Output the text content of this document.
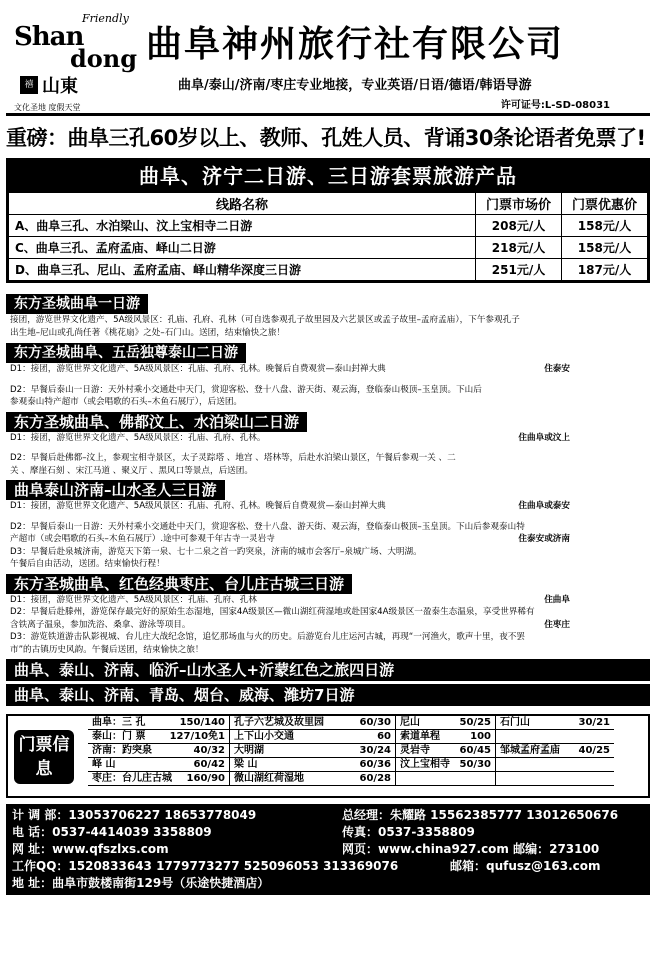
Friendly
Shan
dong
禧 山東
文化圣地 度假天堂
曲阜神州旅行社有限公司
曲阜/泰山/济南/枣庄专业地接，专业英语/日语/德语/韩语导游
许可证号:L-SD-08031
重磅：曲阜三孔60岁以上、教师、孔姓人员、背诵30条论语者免票了!
曲阜、济宁二日游、三日游套票旅游产品
线路名称	门票市场价	门票优惠价
A、曲阜三孔、水泊梁山、汶上宝相寺二日游	208元/人	158元/人
C、曲阜三孔、孟府孟庙、峄山二日游	218元/人	158元/人
D、曲阜三孔、尼山、孟府孟庙、峄山精华深度三日游	251元/人	187元/人
东方圣城曲阜一日游
接团，游览世界文化遗产、5A级风景区：孔庙、孔府、孔林（可自选参观孔子故里园及六艺景区或孟子故里–孟府孟庙），下午参观孔子
出生地–尼山或孔尚任著《桃花扇》之处–石门山。送团，结束愉快之旅！
东方圣城曲阜、五岳独尊泰山二日游
D1：接团，游览世界文化遗产、5A级风景区：孔庙、孔府、孔林。晚餐后自费观赏—泰山封禅大典	住泰安
D2：早餐后泰山一日游：天外村乘小交通赴中天门，赏迎客松、登十八盘、游天街、观云海，登临泰山极顶–玉皇顶。下山后
参观泰山特产超市（或会唱歌的石头–木鱼石展厅），后送团。
东方圣城曲阜、佛都汶上、水泊梁山二日游
D1：接团，游览世界文化遗产、5A级风景区：孔庙、孔府、孔林。	住曲阜或汶上
D2：早餐后赴佛都–汶上，参观宝相寺景区，太子灵踪塔 、地宫 、塔林等，后赴水泊梁山景区，午餐后参观一关 、二
关 、摩崖石刻 、宋江马道 、聚义厅 、黑风口等景点，后送团。
曲阜泰山济南–山水圣人三日游
D1：接团，游览世界文化遗产、5A级风景区：孔庙、孔府、孔林。晚餐后自费观赏—泰山封禅大典	住曲阜或泰安
D2：早餐后泰山一日游：天外村乘小交通赴中天门，赏迎客松、登十八盘、游天街、观云海，登临泰山极顶–玉皇顶。下山后参观泰山特
产超市（或会唱歌的石头–木鱼石展厅）.途中可参观千年古寺一灵岩寺	住泰安或济南
D3：早餐后赴泉城济南，游览天下第一泉、七十二泉之首一趵突泉，济南的城市会客厅–泉城广场、大明湖。
午餐后自由活动，送团。结束愉快行程！
东方圣城曲阜、红色经典枣庄、台儿庄古城三日游
D1：接团，游览世界文化遗产、5A级风景区：孔庙、孔府、孔林	住曲阜
D2：早餐后赴滕州，游览保存最完好的原始生态湿地，国家4A级景区—微山湖红荷湿地或赴国家4A级景区一盈泰生态温泉，享受世界稀有
含铁离子温泉，参加洗浴、桑拿、游泳等项目。	住枣庄
D3：游览铁道游击队影视城、台儿庄大战纪念馆，追忆那场血与火的历史。后游览台儿庄运河古城，再现“一河渔火，歌声十里，夜不罢
市”的古镇历史风韵。午餐后送团，结束愉快之旅！
曲阜、泰山、济南、临沂–山水圣人+沂蒙红色之旅四日游
曲阜、泰山、济南、青岛、烟台、威海、潍坊7日游
门票信息
曲阜：三 孔	150/140 孔子六艺城及故里园	60/30 尼山	50/25 石门山	30/21
泰山：门 票 127/10免1 上下山小交通	60 索道单程	100
济南：趵突泉	40/32 大明湖	30/24 灵岩寺	60/45 邹城孟府孟庙 40/25
峄 山	60/42 梁 山	60/36 汶上宝相寺 50/30
枣庄：台儿庄古城 160/90 微山湖红荷湿地	60/28
计 调 部：13053706227 18653778049	总经理：朱耀路 15562385777 13012650676
电 话：0537-4414039 3358809	传真：0537-3358809
网 址：www.qfszlxs.com	网页：www.china927.com 邮编：273100
工作QQ：1520833643 1779773277 525096053 313369076	邮箱：qufusz@163.com
地 址：曲阜市鼓楼南街129号（乐途快捷酒店）
